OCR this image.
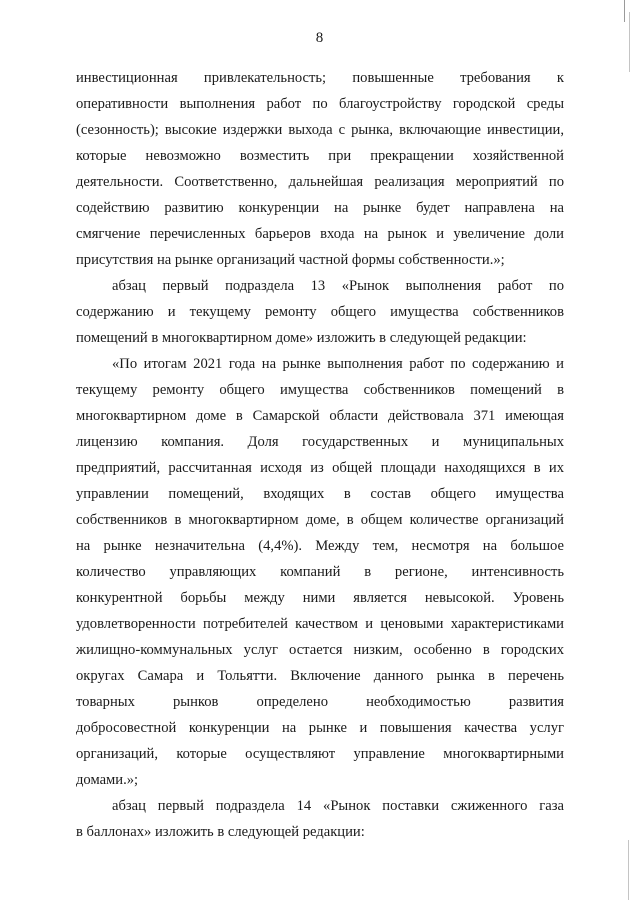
8
инвестиционная привлекательность; повышенные требования к
оперативности выполнения работ по благоустройству городской среды
(сезонность); высокие издержки выхода с рынка, включающие инвестиции,
которые невозможно возместить при прекращении хозяйственной
деятельности. Соответственно, дальнейшая реализация мероприятий по
содействию развитию конкуренции на рынке будет направлена на
смягчение перечисленных барьеров входа на рынок и увеличение доли
присутствия на рынке организаций частной формы собственности.»;
абзац первый подраздела 13 «Рынок выполнения работ по
содержанию и текущему ремонту общего имущества собственников
помещений в многоквартирном доме» изложить в следующей редакции:
«По итогам 2021 года на рынке выполнения работ по содержанию и
текущему ремонту общего имущества собственников помещений в
многоквартирном доме в Самарской области действовала 371 имеющая
лицензию компания. Доля государственных и муниципальных
предприятий, рассчитанная исходя из общей площади находящихся в их
управлении помещений, входящих в состав общего имущества
собственников в многоквартирном доме, в общем количестве организаций
на рынке незначительна (4,4%). Между тем, несмотря на большое
количество управляющих компаний в регионе, интенсивность
конкурентной борьбы между ними является невысокой. Уровень
удовлетворенности потребителей качеством и ценовыми характеристиками
жилищно-коммунальных услуг остается низким, особенно в городских
округах Самара и Тольятти. Включение данного рынка в перечень
товарных рынков определено необходимостью развития
добросовестной конкуренции на рынке и повышения качества услуг
организаций, которые осуществляют управление многоквартирными
домами.»;
абзац первый подраздела 14 «Рынок поставки сжиженного газа
в баллонах» изложить в следующей редакции:
